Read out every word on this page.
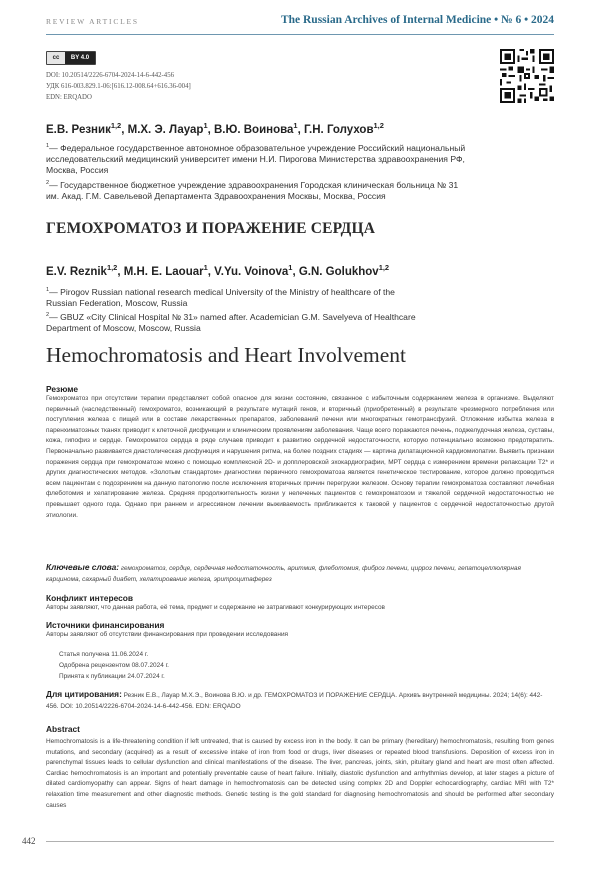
REVIEW ARTICLES	The Russian Archives of Internal Medicine • № 6 • 2024
cc	BY 4.0
DOI: 10.20514/2226-6704-2024-14-6-442-456
УДК 616-003.829.1-06:[616.12-008.64+616.36-004]
EDN: ERQADO
Е.В. Резник$^{1,2}$, М.Х. Э. Лауар$^1$, В.Ю. Воинова$^1$, Г.Н. Голухов$^{1,2}$
$^1$— Федеральное государственное автономное образовательное учреждение Российский национальный исследовательский медицинский университет имени Н.И. Пирогова Министерства здравоохранения РФ, Москва, Россия
$^2$— Государственное бюджетное учреждение здравоохранения Городская клиническая больница № 31 им. Акад. Г.М. Савельевой Департамента Здравоохранения Москвы, Москва, Россия
ГЕМОХРОМАТОЗ И ПОРАЖЕНИЕ СЕРДЦА
E.V. Reznik$^{1,2}$, M.H. E. Laouar$^1$, V.Yu. Voinova$^1$, G.N. Golukhov$^{1,2}$
$^1$— Pirogov Russian national research medical University of the Ministry of healthcare of the Russian Federation, Moscow, Russia
$^2$— GBUZ «City Clinical Hospital № 31» named after. Academician G.M. Savelyeva of Healthcare Department of Moscow, Moscow, Russia
Hemochromatosis and Heart Involvement
Резюме
Гемохроматоз при отсутствии терапии представляет собой опасное для жизни состояние, связанное с избыточным содержанием железа в организме. Выделяют первичный (наследственный) гемохроматоз, возникающий в результате мутаций генов, и вторичный (приобретенный) в результате чрезмерного потребления или поступления железа с пищей или в составе лекарственных препаратов, заболеваний печени или многократных гемотрансфузий. Отложение избытка железа в паренхиматозных тканях приводит к клеточной дисфункции и клиническим проявлениям заболевания. Чаще всего поражаются печень, поджелудочная железа, суставы, кожа, гипофиз и сердце. Гемохроматоз сердца в ряде случаев приводит к развитию сердечной недостаточности, которую потенциально возможно предотвратить. Первоначально развивается диастолическая дисфункция и нарушения ритма, на более поздних стадиях — картина дилатационной кардиомиопатии. Выявить признаки поражения сердца при гемохроматозе можно с помощью комплексной 2D- и допплеровской эхокардиографии, МРТ сердца с измерением времени релаксации T2* и других диагностических методов. «Золотым стандартом» диагностики первичного гемохроматоза является генетическое тестирование, которое должно проводиться всем пациентам с подозрением на данную патологию после исключения вторичных причин перегрузки железом. Основу терапии гемохроматоза составляют лечебная флеботомия и хелатирование железа. Средняя продолжительность жизни у нелеченых пациентов с гемохроматозом и тяжелой сердечной недостаточностью не превышает одного года. Однако при раннем и агрессивном лечении выживаемость приближается к таковой у пациентов с сердечной недостаточностью другой этиологии.
Ключевые слова: гемохроматоз, сердце, сердечная недостаточность, аритмия, флеботомия, фиброз печени, цирроз печени, гепатоцеллюлярная карцинома, сахарный диабет, хелатирование железа, эритроцитаферез
Конфликт интересов
Авторы заявляют, что данная работа, её тема, предмет и содержание не затрагивают конкурирующих интересов
Источники финансирования
Авторы заявляют об отсутствии финансирования при проведении исследования
Статья получена 11.06.2024 г.
Одобрена рецензентом 08.07.2024 г.
Принята к публикации 24.07.2024 г.
Для цитирования: Резник Е.В., Лауар М.Х.Э., Воинова В.Ю. и др. ГЕМОХРОМАТОЗ И ПОРАЖЕНИЕ СЕРДЦА. Архивъ внутренней медицины. 2024; 14(6): 442-456. DOI: 10.20514/2226-6704-2024-14-6-442-456. EDN: ERQADO
Abstract
Hemochromatosis is a life-threatening condition if left untreated, that is caused by excess iron in the body. It can be primary (hereditary) hemochromatosis, resulting from genes mutations, and secondary (acquired) as a result of excessive intake of iron from food or drugs, liver diseases or repeated blood transfusions. Deposition of excess iron in parenchymal tissues leads to cellular dysfunction and clinical manifestations of the disease. The liver, pancreas, joints, skin, pituitary gland and heart are most often affected. Cardiac hemochromatosis is an important and potentially preventable cause of heart failure. Initially, diastolic dysfunction and arrhythmias develop, at later stages a picture of dilated cardiomyopathy can appear. Signs of heart damage in hemochromatosis can be detected using complex 2D and Doppler echocardiography, cardiac MRI with T2* relaxation time measurement and other diagnostic methods. Genetic testing is the gold standard for diagnosing hemochromatosis and should be performed after secondary causes
442
